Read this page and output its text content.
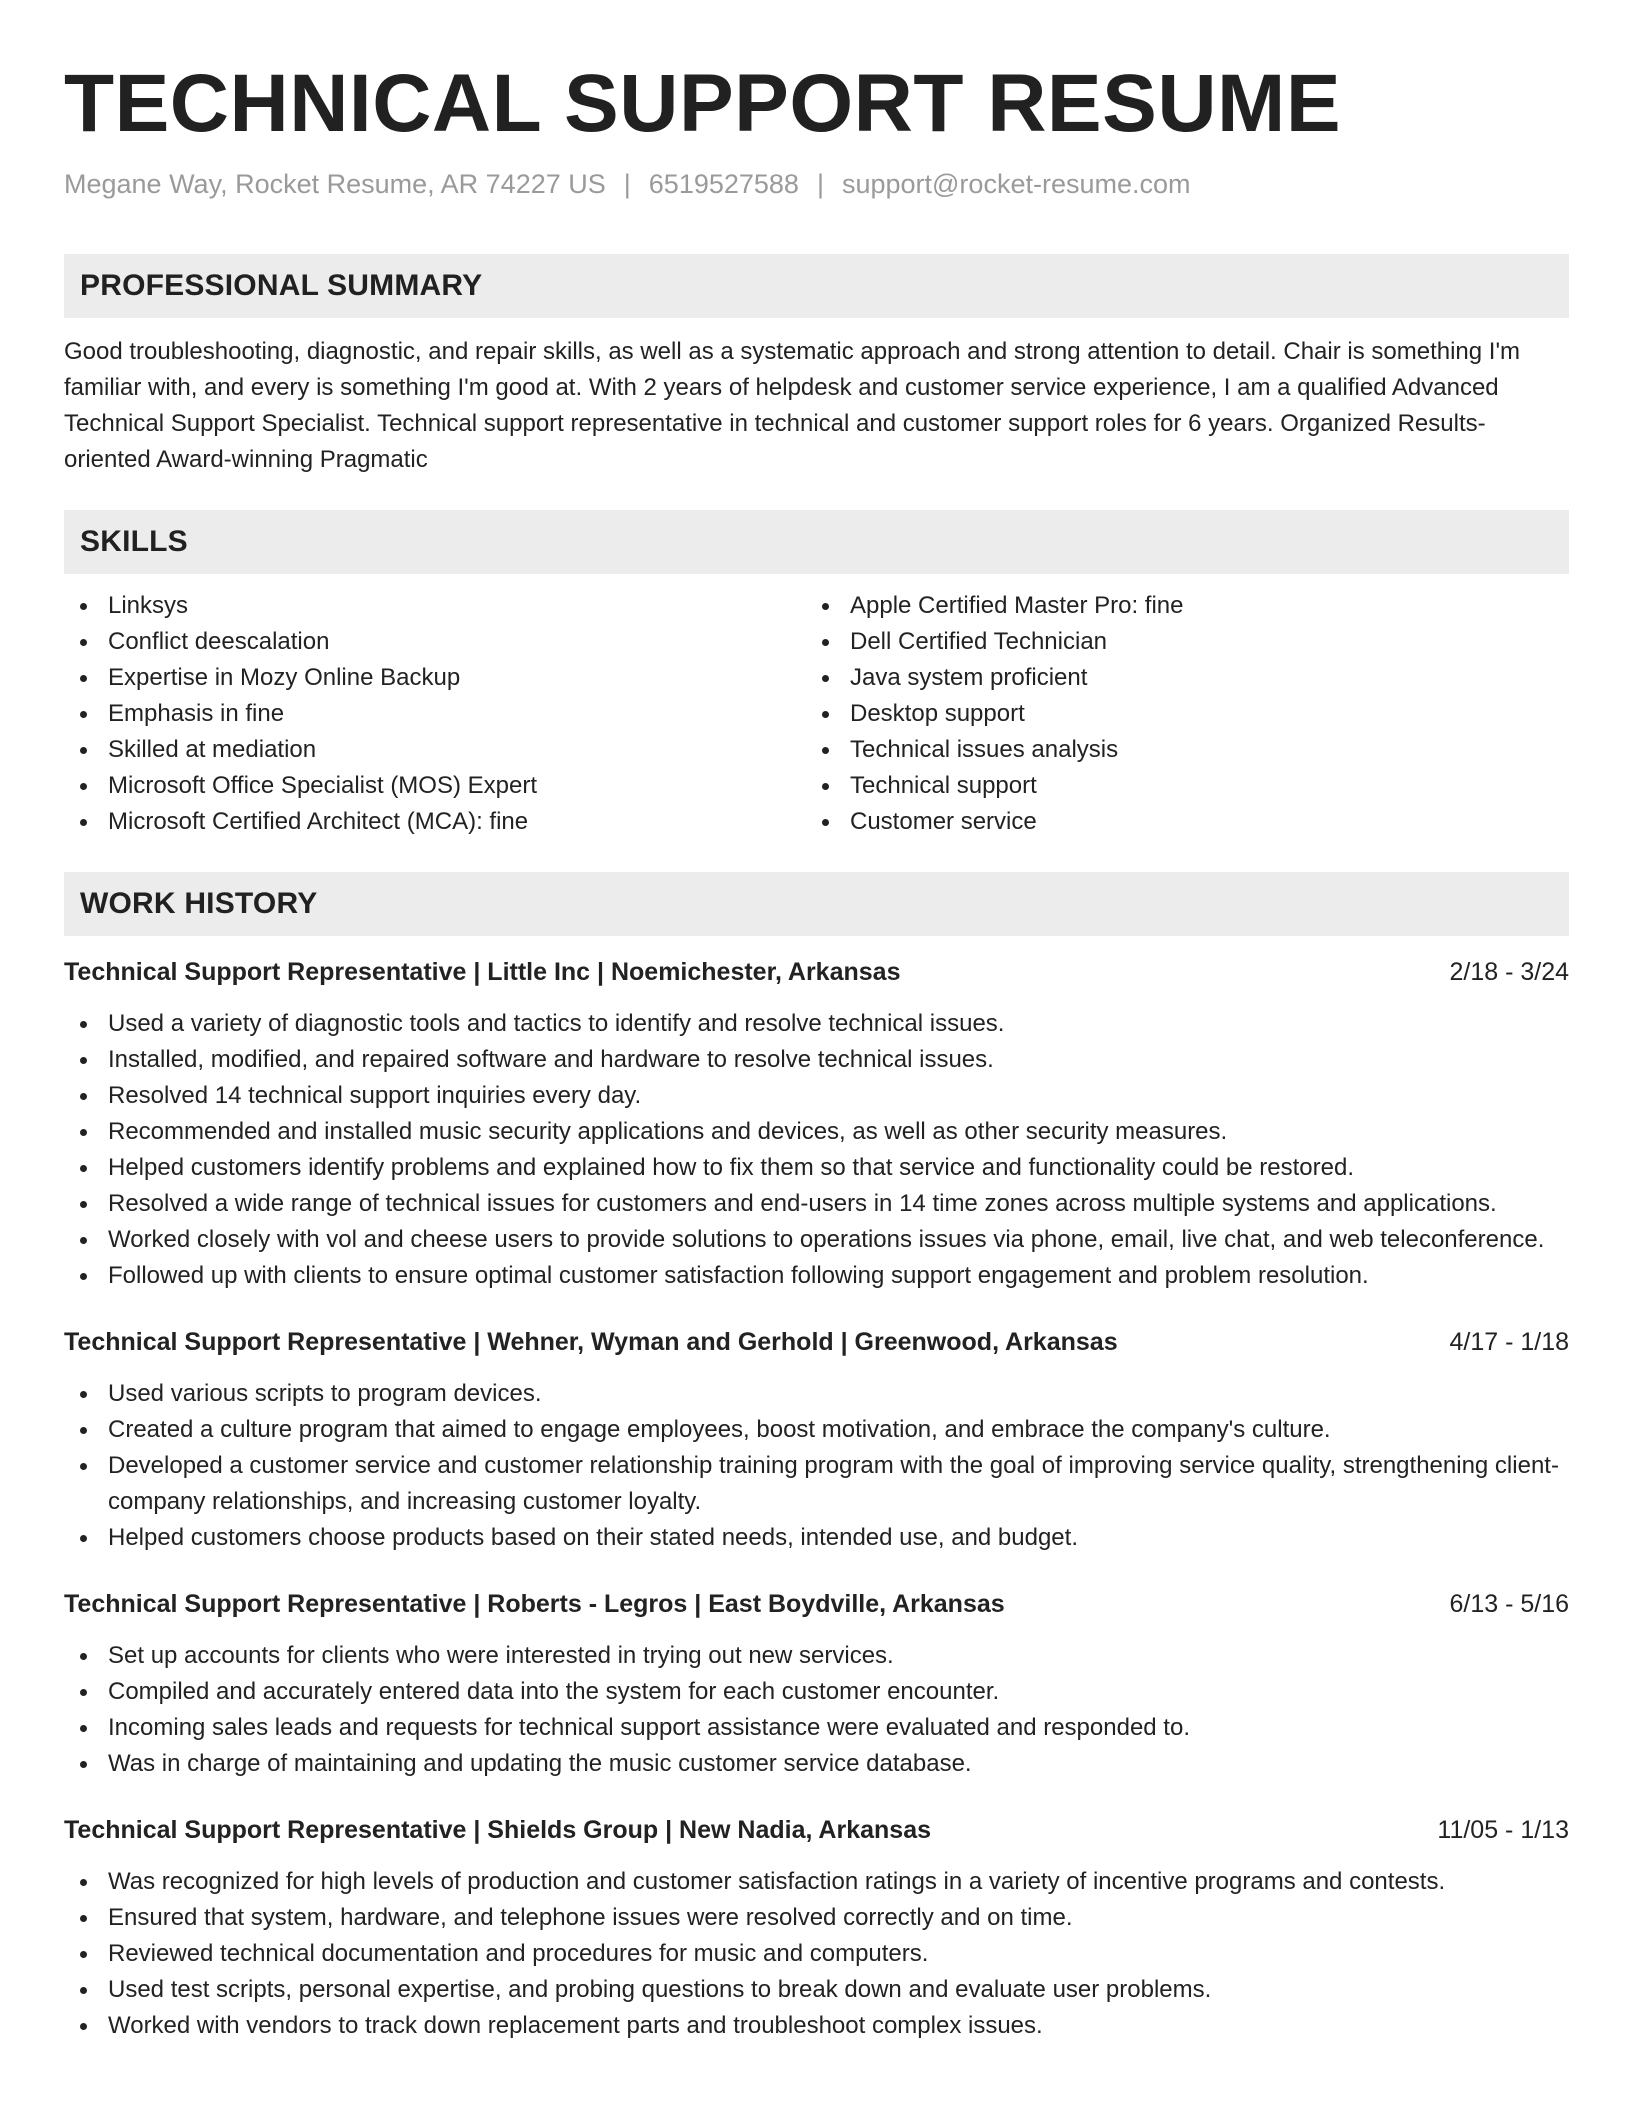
TECHNICAL SUPPORT RESUME
Megane Way, Rocket Resume, AR 74227 US | 6519527588 | support@rocket-resume.com
PROFESSIONAL SUMMARY

Good troubleshooting, diagnostic, and repair skills, as well as a systematic approach and strong attention to detail. Chair is something I'm familiar with, and every is something I'm good at. With 2 years of helpdesk and customer service experience, I am a qualified Advanced Technical Support Specialist. Technical support representative in technical and customer support roles for 6 years. Organized Results-oriented Award-winning Pragmatic

SKILLS
Linksys
Conflict deescalation
Expertise in Mozy Online Backup
Emphasis in fine
Skilled at mediation
Microsoft Office Specialist (MOS) Expert
Microsoft Certified Architect (MCA): fine
Apple Certified Master Pro: fine
Dell Certified Technician
Java system proficient
Desktop support
Technical issues analysis
Technical support
Customer service
WORK HISTORY
Technical Support Representative | Little Inc | Noemichester, Arkansas	2/18 - 3/24
Used a variety of diagnostic tools and tactics to identify and resolve technical issues.
Installed, modified, and repaired software and hardware to resolve technical issues.
Resolved 14 technical support inquiries every day.
Recommended and installed music security applications and devices, as well as other security measures.
Helped customers identify problems and explained how to fix them so that service and functionality could be restored.
Resolved a wide range of technical issues for customers and end-users in 14 time zones across multiple systems and applications.
Worked closely with vol and cheese users to provide solutions to operations issues via phone, email, live chat, and web teleconference.
Followed up with clients to ensure optimal customer satisfaction following support engagement and problem resolution.
Technical Support Representative | Wehner, Wyman and Gerhold | Greenwood, Arkansas	4/17 - 1/18
Used various scripts to program devices.
Created a culture program that aimed to engage employees, boost motivation, and embrace the company's culture.
Developed a customer service and customer relationship training program with the goal of improving service quality, strengthening client-company relationships, and increasing customer loyalty.
Helped customers choose products based on their stated needs, intended use, and budget.
Technical Support Representative | Roberts - Legros | East Boydville, Arkansas	6/13 - 5/16
Set up accounts for clients who were interested in trying out new services.
Compiled and accurately entered data into the system for each customer encounter.
Incoming sales leads and requests for technical support assistance were evaluated and responded to.
Was in charge of maintaining and updating the music customer service database.
Technical Support Representative | Shields Group | New Nadia, Arkansas	11/05 - 1/13
Was recognized for high levels of production and customer satisfaction ratings in a variety of incentive programs and contests.
Ensured that system, hardware, and telephone issues were resolved correctly and on time.
Reviewed technical documentation and procedures for music and computers.
Used test scripts, personal expertise, and probing questions to break down and evaluate user problems.
Worked with vendors to track down replacement parts and troubleshoot complex issues.
